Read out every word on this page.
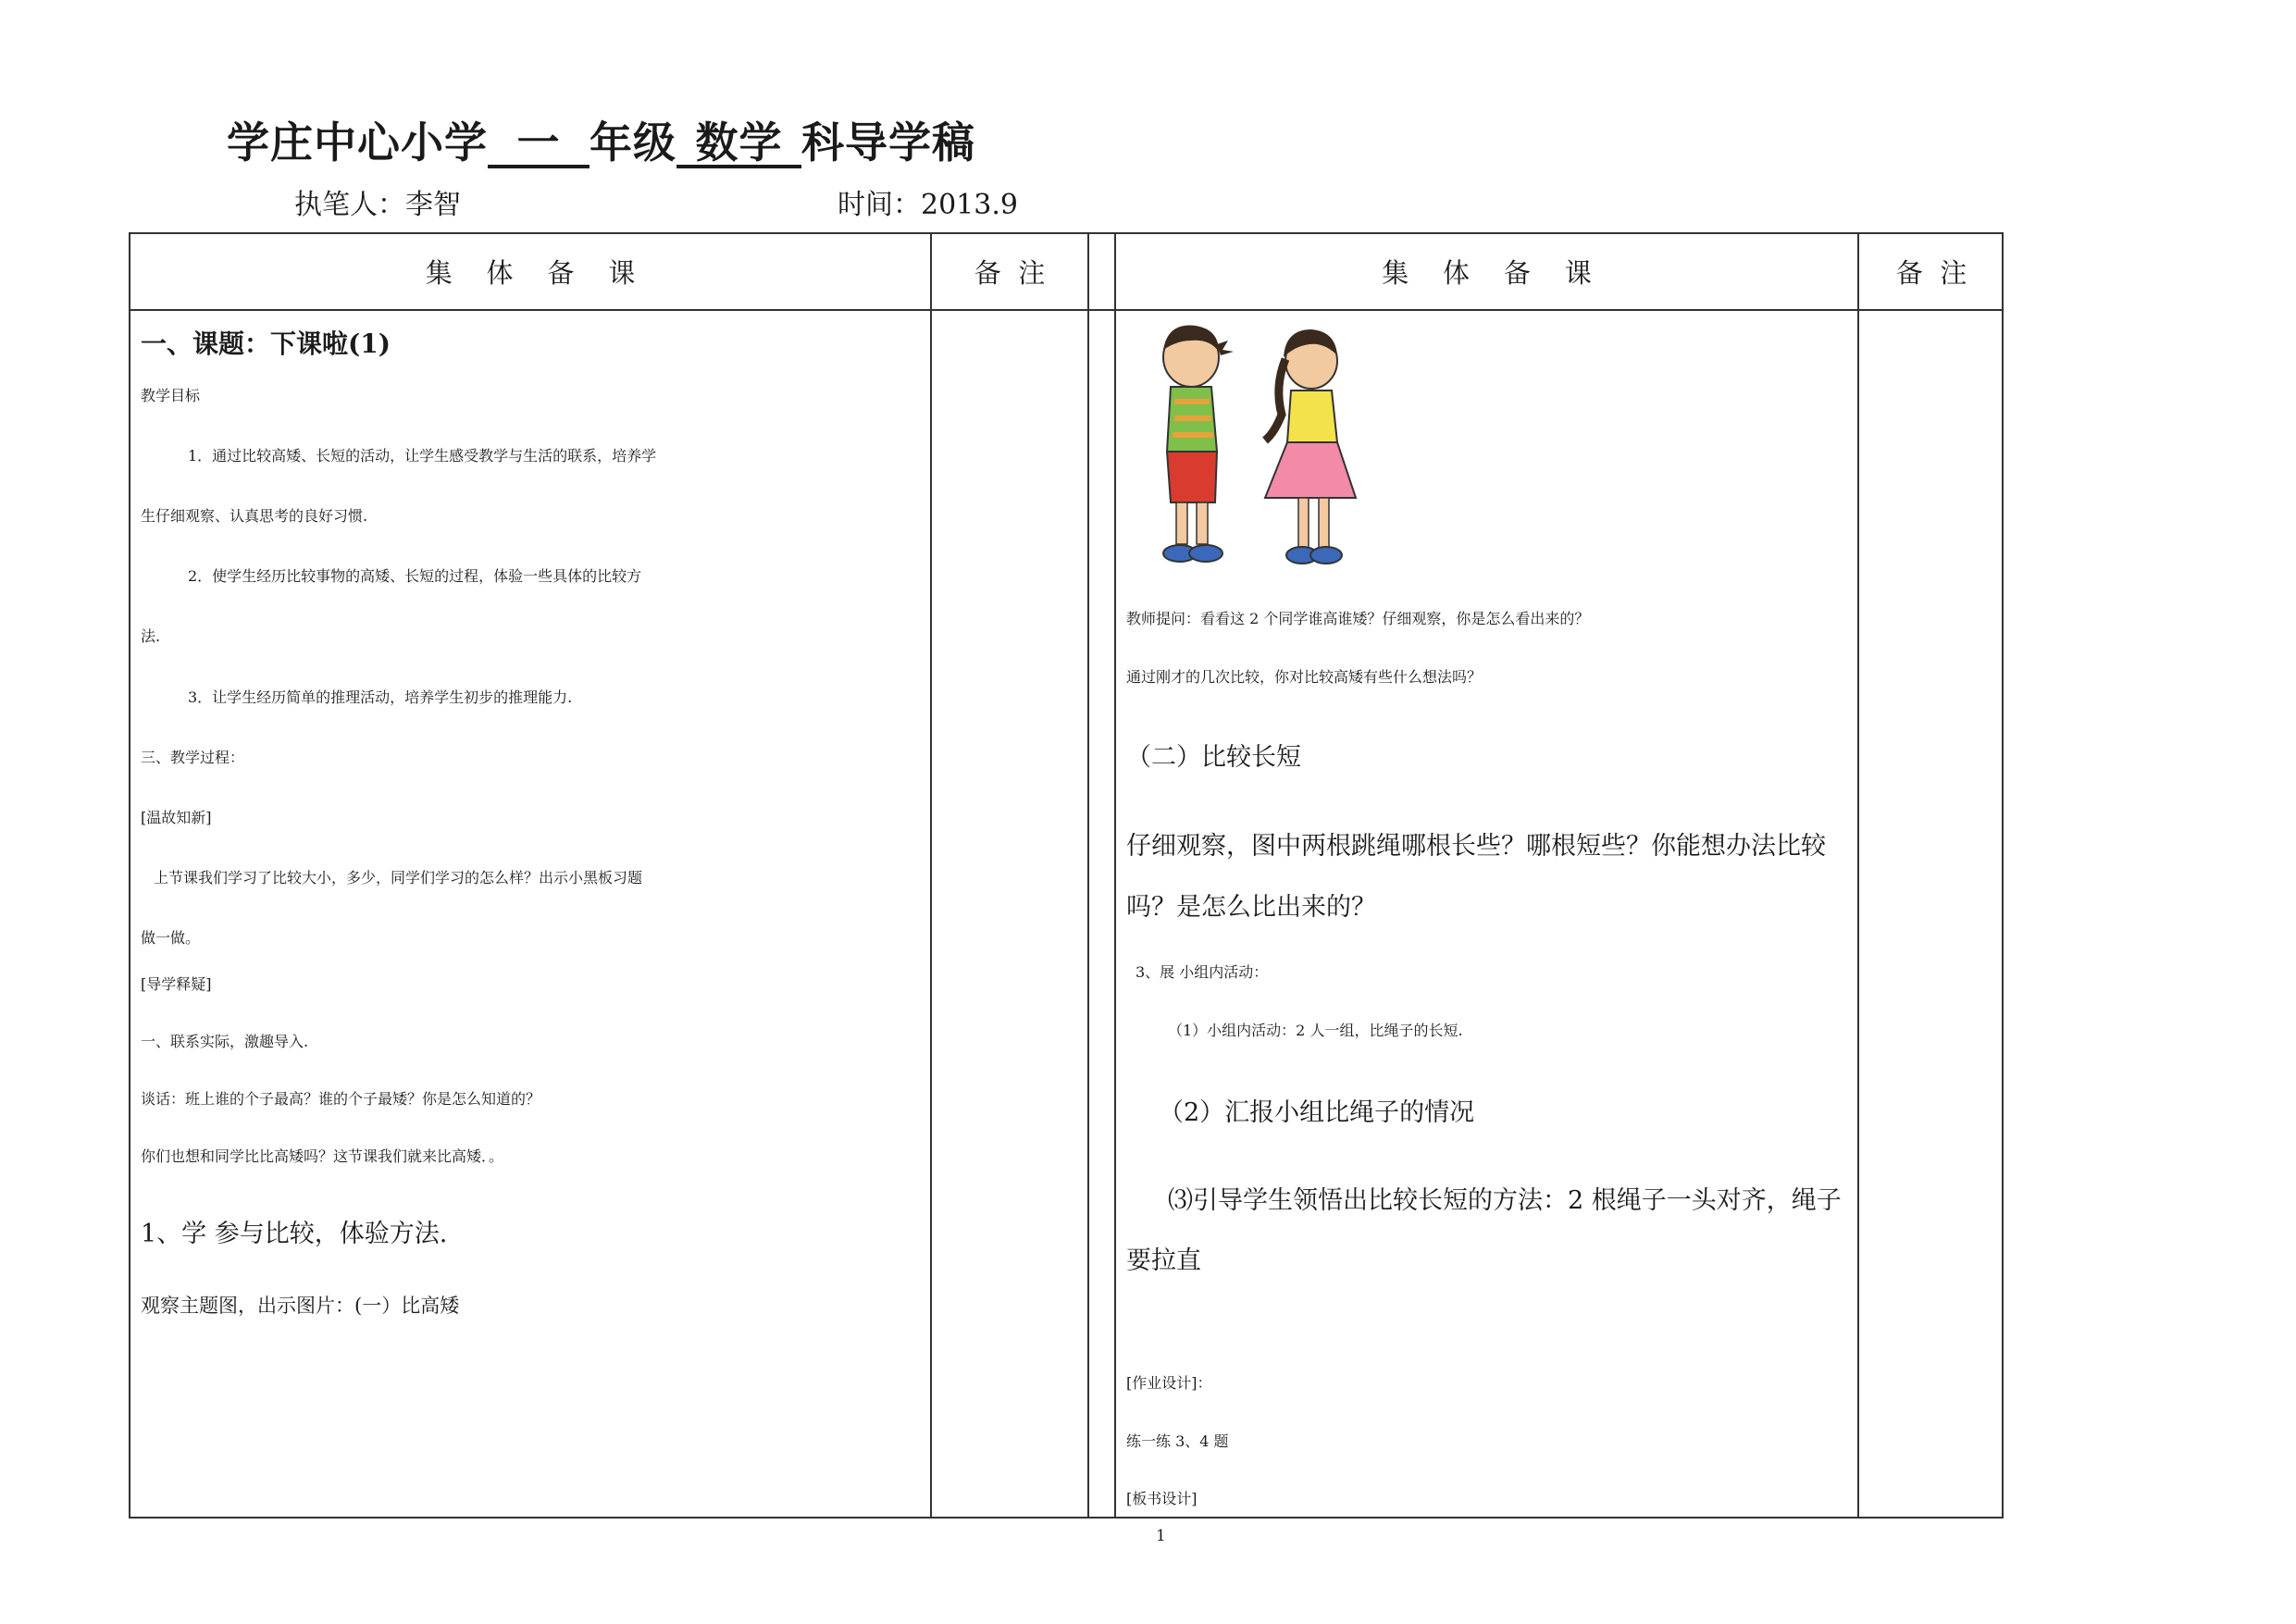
学庄中心小学 一 年级 数学 科导学稿
执笔人：李智	时间：2013.9
集    体    备    课	备  注	集    体    备    课	备  注
一、课题：下课啦(1)
教学目标
1．通过比较高矮、长短的活动，让学生感受教学与生活的联系，培养学
生仔细观察、认真思考的良好习惯.
2．使学生经历比较事物的高矮、长短的过程，体验一些具体的比较方
法.
3．让学生经历简单的推理活动，培养学生初步的推理能力.
三、教学过程：
[温故知新]
上节课我们学习了比较大小，多少，同学们学习的怎么样？出示小黑板习题
做一做。
[导学释疑]
一、联系实际，激趣导入.
谈话：班上谁的个子最高？谁的个子最矮？你是怎么知道的？
你们也想和同学比比高矮吗？这节课我们就来比高矮．。
1、学 参与比较，体验方法.
观察主题图，出示图片：(一）比高矮
教师提问：看看这 2 个同学谁高谁矮？仔细观察，你是怎么看出来的？
通过刚才的几次比较，你对比较高矮有些什么想法吗？
（二）比较长短
仔细观察，图中两根跳绳哪根长些？哪根短些？你能想办法比较
吗？是怎么比出来的？
3、展 小组内活动：
（1）小组内活动：2 人一组，比绳子的长短.
（2）汇报小组比绳子的情况
⑶引导学生领悟出比较长短的方法：2 根绳子一头对齐，绳子
要拉直
[作业设计]：
练一练 3、4 题
[板书设计]
1
